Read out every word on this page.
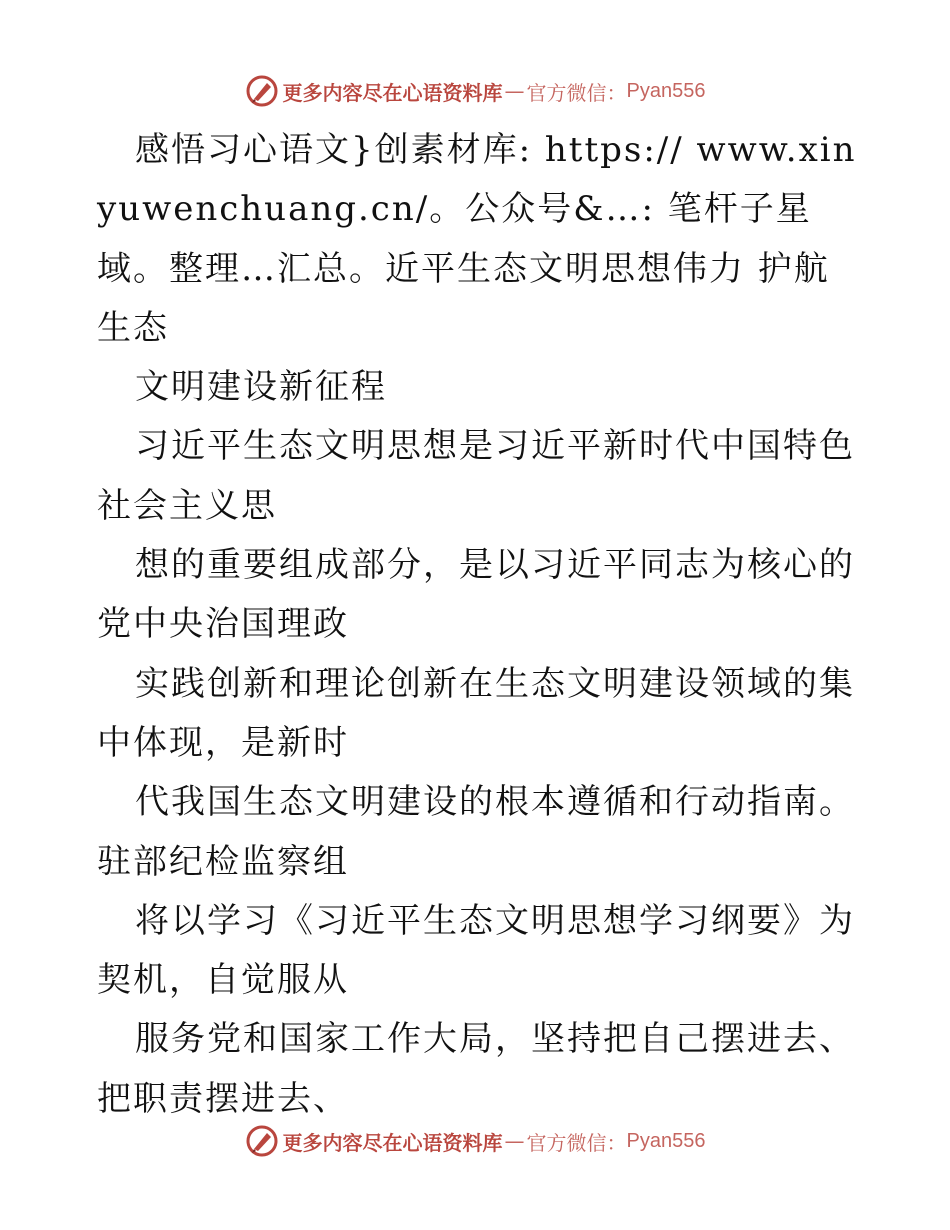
更多内容尽在心语资料库 — 官方微信： Pyan556

感悟习心语文}创素材库: https:// www.xinyuwenchuang.cn/。公众号&…: 笔杆子星域。整理…汇总。近平生态文明思想伟力 护航生态

文明建设新征程

习近平生态文明思想是习近平新时代中国特色社会主义思

想的重要组成部分，是以习近平同志为核心的党中央治国理政

实践创新和理论创新在生态文明建设领域的集中体现，是新时

代我国生态文明建设的根本遵循和行动指南。驻部纪检监察组

将以学习《习近平生态文明思想学习纲要》为契机，自觉服从

服务党和国家工作大局，坚持把自己摆进去、把职责摆进去、

更多内容尽在心语资料库 — 官方微信： Pyan556
